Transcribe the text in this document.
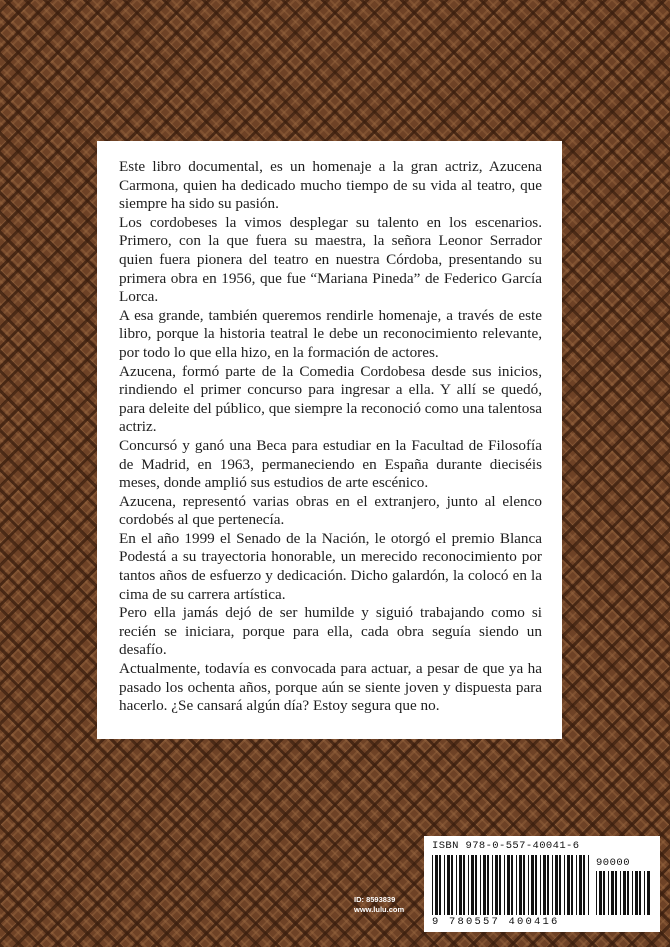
Este libro documental, es un homenaje a la gran actriz, Azucena Carmona, quien ha dedicado mucho tiempo de su vida al teatro, que siempre ha sido su pasión.

Los cordobeses la vimos desplegar su talento en los escenarios. Primero, con la que fuera su maestra, la señora Leonor Serrador quien fuera pionera del teatro en nuestra Córdoba, presentando su primera obra en 1956, que fue “Mariana Pineda” de Federico García Lorca.

A esa grande, también queremos rendirle homenaje, a través de este libro, porque la historia teatral le debe un reconocimiento relevante, por todo lo que ella hizo, en la formación de actores.

Azucena, formó parte de la Comedia Cordobesa desde sus inicios, rindiendo el primer concurso para ingresar a ella. Y allí se quedó, para deleite del público, que siempre la reconoció como una talentosa actriz.

Concursó y ganó una Beca para estudiar en la Facultad de Filosofía de Madrid, en 1963, permaneciendo en España durante dieciséis meses, donde amplió sus estudios de arte escénico.

Azucena, representó varias obras en el extranjero, junto al elenco cordobés al que pertenecía.

En el año 1999 el Senado de la Nación, le otorgó el premio Blanca Podestá a su trayectoria honorable, un merecido reconocimiento por tantos años de esfuerzo y dedicación. Dicho galardón, la colocó en la cima de su carrera artística.

Pero ella jamás dejó de ser humilde y siguió trabajando como si recién se iniciara, porque para ella, cada obra seguía siendo un desafío.

Actualmente, todavía es convocada para actuar, a pesar de que ya ha pasado los ochenta años, porque aún se siente joven y dispuesta para hacerlo. ¿Se cansará algún día? Estoy segura que no.

ID: 8593839
www.lulu.com
ISBN 978-0-557-40041-6
90000
9 780557 400416
